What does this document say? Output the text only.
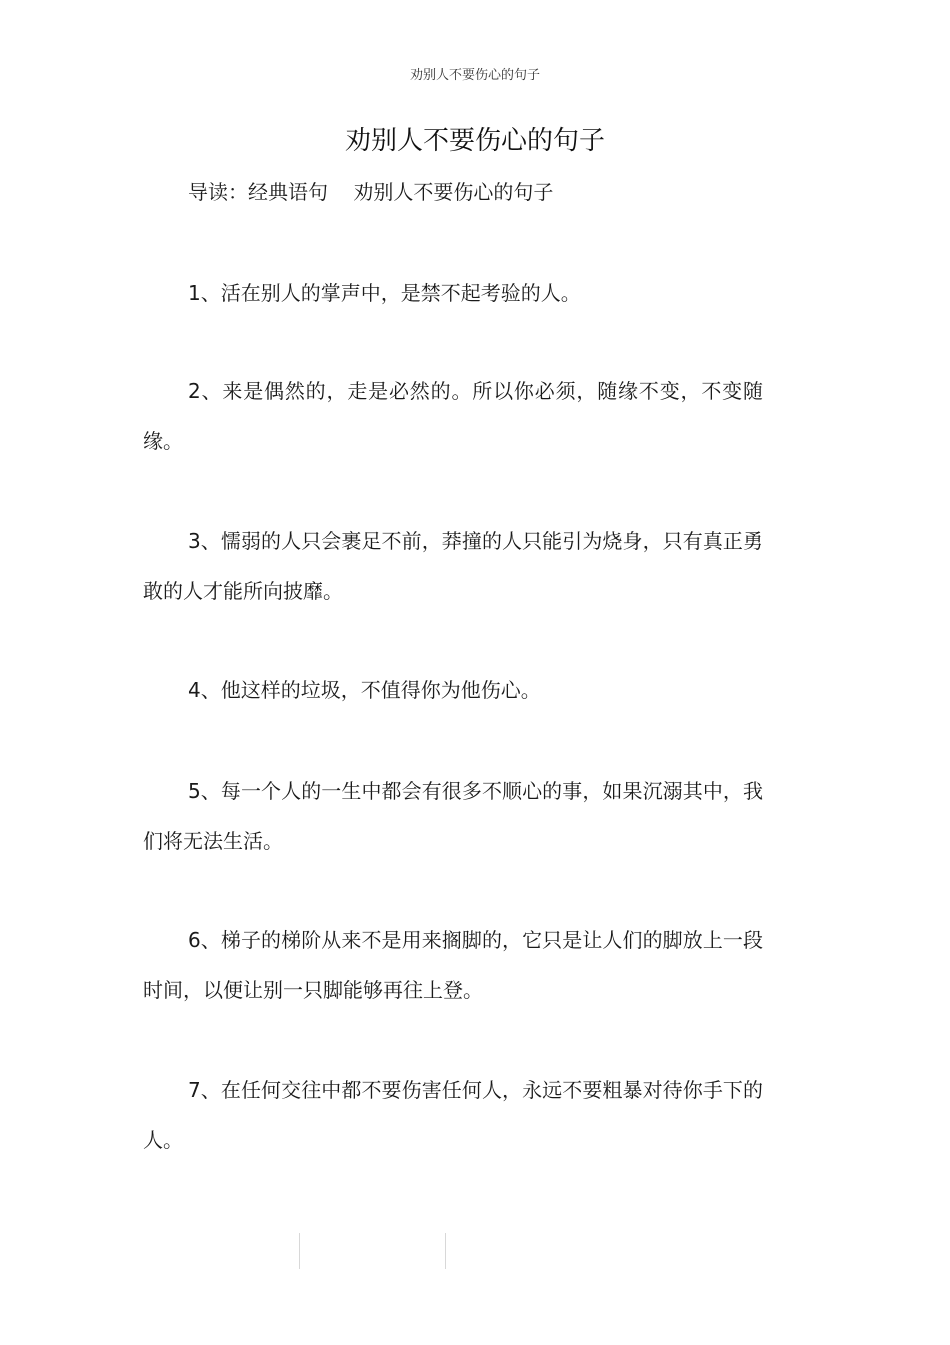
劝别人不要伤心的句子
劝别人不要伤心的句子
导读：经典语句    劝别人不要伤心的句子
1、活在别人的掌声中，是禁不起考验的人。
2、来是偶然的，走是必然的。所以你必须，随缘不变，不变随缘。
3、懦弱的人只会裹足不前，莽撞的人只能引为烧身，只有真正勇敢的人才能所向披靡。
4、他这样的垃圾，不值得你为他伤心。
5、每一个人的一生中都会有很多不顺心的事，如果沉溺其中，我们将无法生活。
6、梯子的梯阶从来不是用来搁脚的，它只是让人们的脚放上一段时间，以便让别一只脚能够再往上登。
7、在任何交往中都不要伤害任何人，永远不要粗暴对待你手下的人。
